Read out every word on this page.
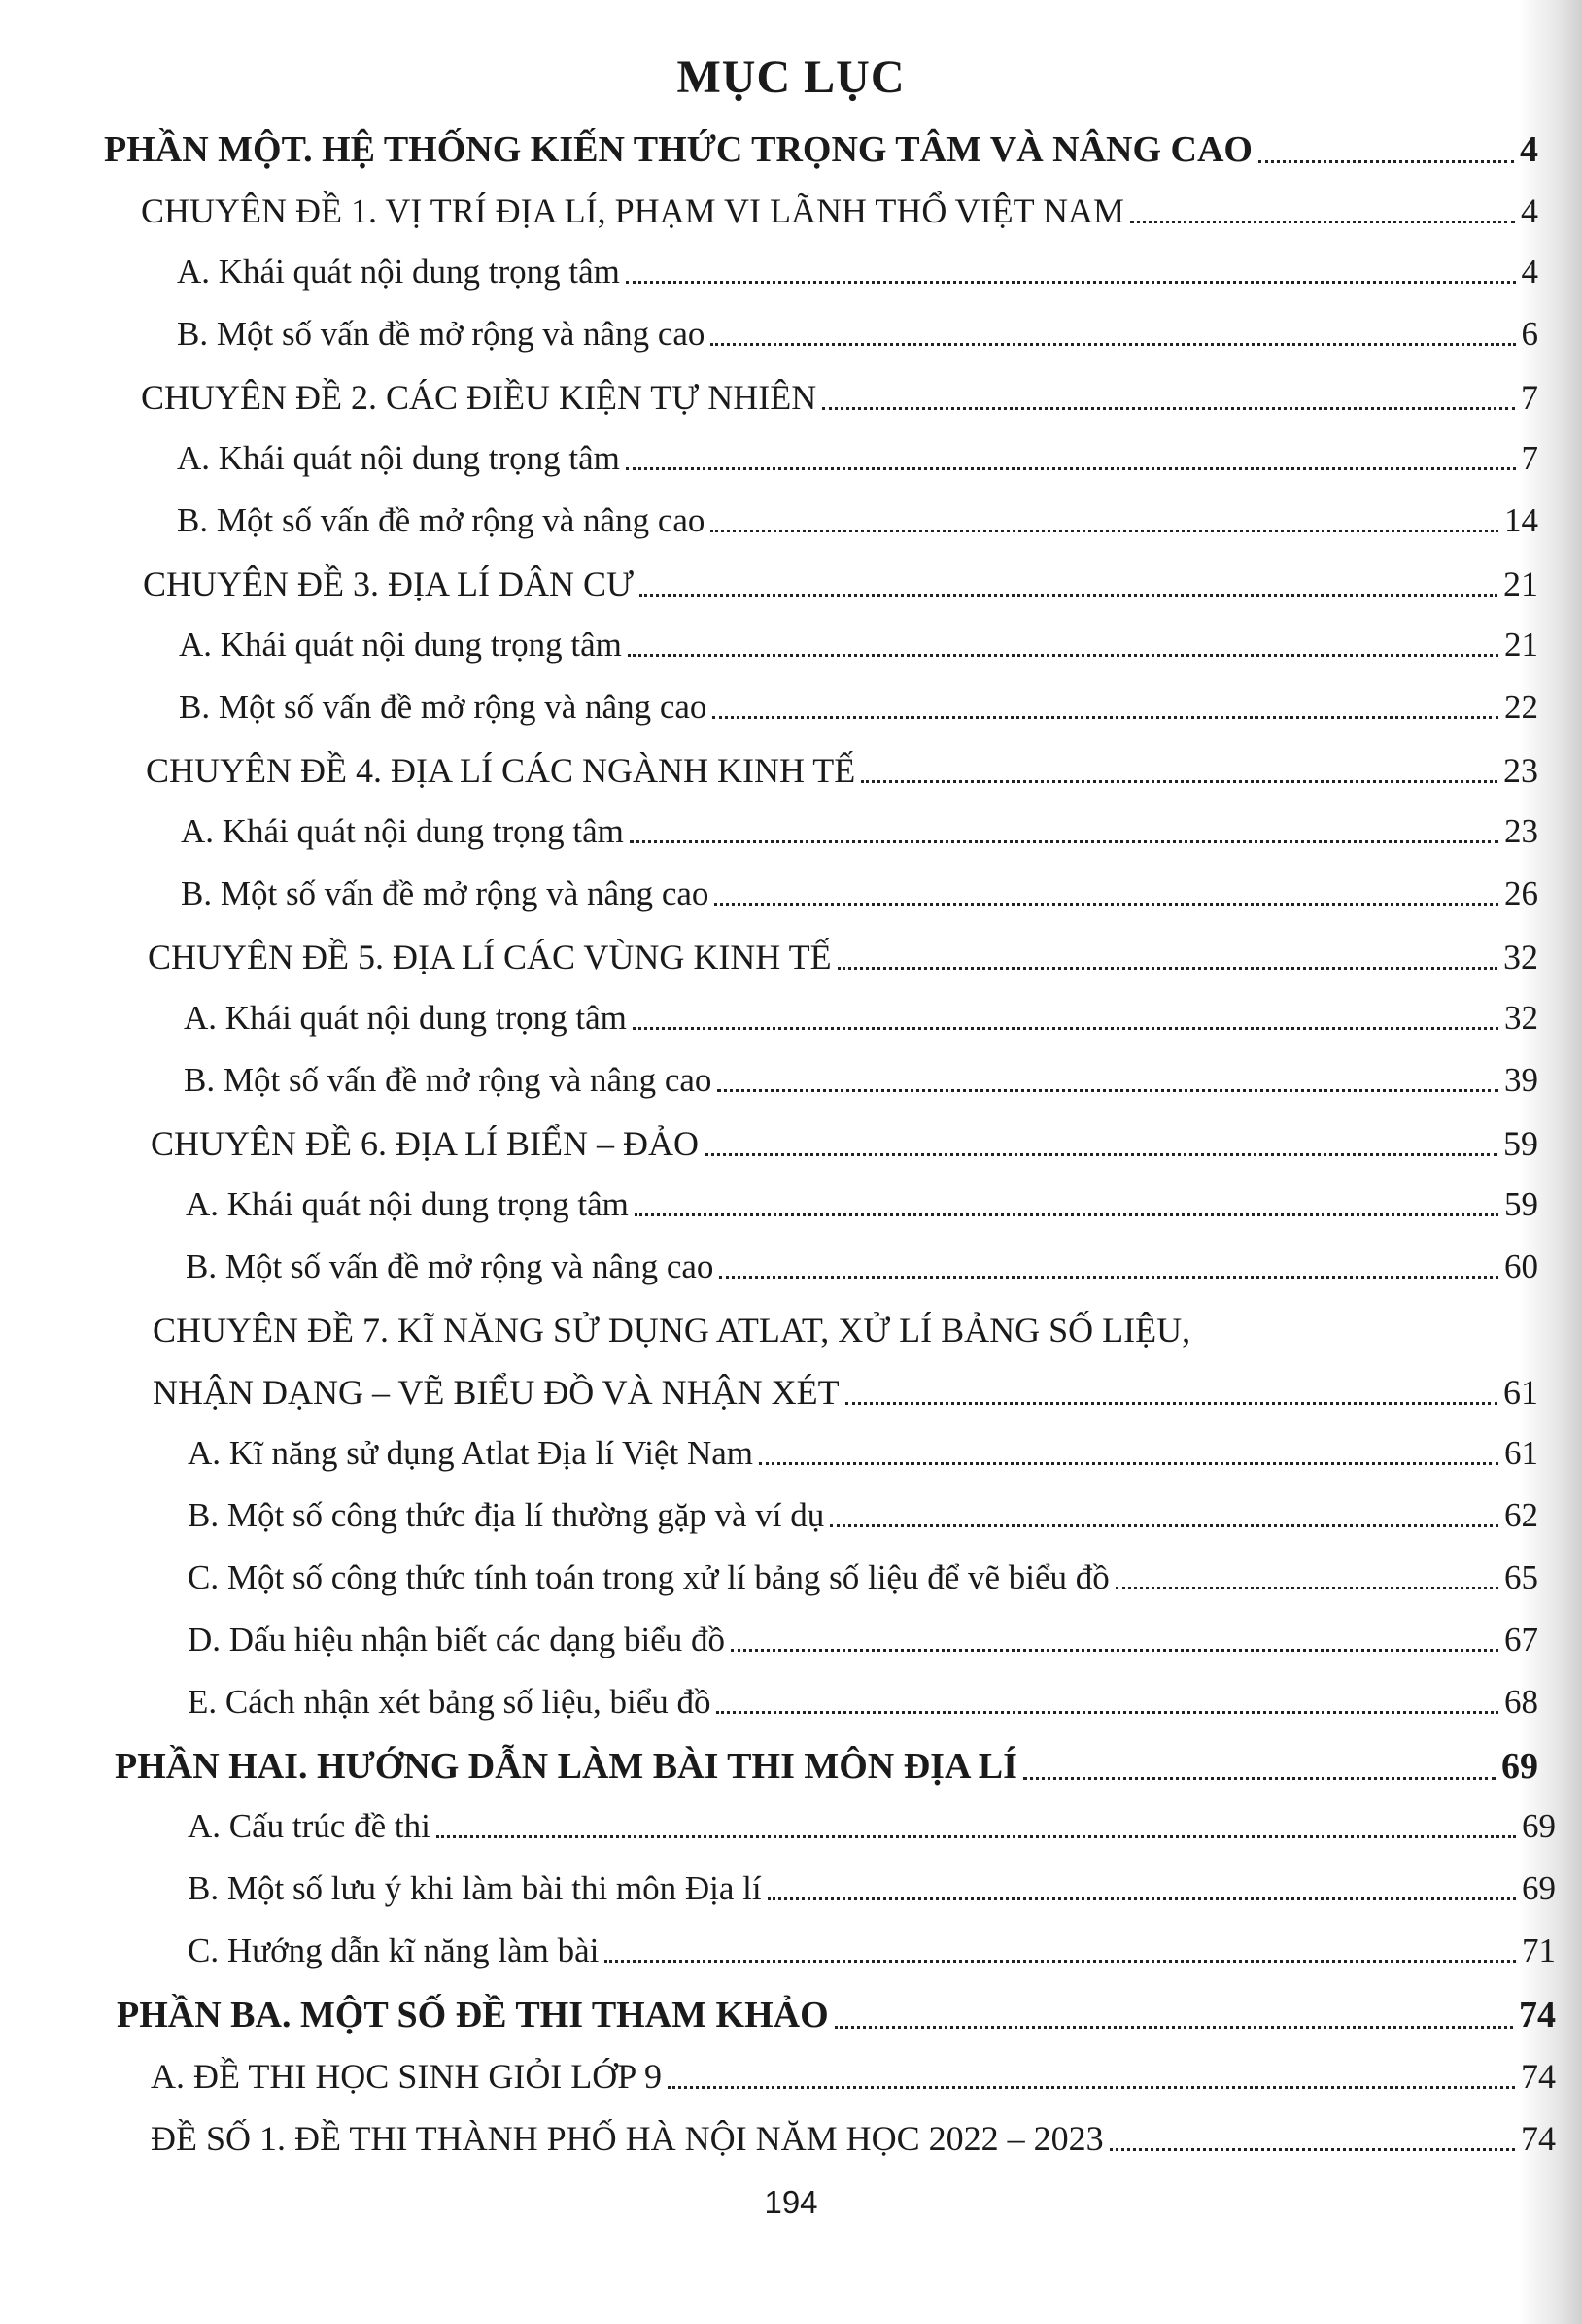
MỤC LỤC
PHẦN MỘT. HỆ THỐNG KIẾN THỨC TRỌNG TÂM VÀ NÂNG CAO	4
CHUYÊN ĐỀ 1. VỊ TRÍ ĐỊA LÍ, PHẠM VI LÃNH THỔ VIỆT NAM	4
A. Khái quát nội dung trọng tâm	4
B. Một số vấn đề mở rộng và nâng cao	6
CHUYÊN ĐỀ 2. CÁC ĐIỀU KIỆN TỰ NHIÊN	7
A. Khái quát nội dung trọng tâm	7
B. Một số vấn đề mở rộng và nâng cao	14
CHUYÊN ĐỀ 3. ĐỊA LÍ DÂN CƯ	21
A. Khái quát nội dung trọng tâm	21
B. Một số vấn đề mở rộng và nâng cao	22
CHUYÊN ĐỀ 4. ĐỊA LÍ CÁC NGÀNH KINH TẾ	23
A. Khái quát nội dung trọng tâm	23
B. Một số vấn đề mở rộng và nâng cao	26
CHUYÊN ĐỀ 5. ĐỊA LÍ CÁC VÙNG KINH TẾ	32
A. Khái quát nội dung trọng tâm	32
B. Một số vấn đề mở rộng và nâng cao	39
CHUYÊN ĐỀ 6. ĐỊA LÍ BIỂN – ĐẢO	59
A. Khái quát nội dung trọng tâm	59
B. Một số vấn đề mở rộng và nâng cao	60
CHUYÊN ĐỀ 7. KĨ NĂNG SỬ DỤNG ATLAT, XỬ LÍ BẢNG SỐ LIỆU,
NHẬN DẠNG – VẼ BIỂU ĐỒ VÀ NHẬN XÉT	61
A. Kĩ năng sử dụng Atlat Địa lí Việt Nam	61
B. Một số công thức địa lí thường gặp và ví dụ	62
C. Một số công thức tính toán trong xử lí bảng số liệu để vẽ biểu đồ	65
D. Dấu hiệu nhận biết các dạng biểu đồ	67
E. Cách nhận xét bảng số liệu, biểu đồ	68
PHẦN HAI. HƯỚNG DẪN LÀM BÀI THI MÔN ĐỊA LÍ	69
A. Cấu trúc đề thi	69
B. Một số lưu ý khi làm bài thi môn Địa lí	69
C. Hướng dẫn kĩ năng làm bài	71
PHẦN BA. MỘT SỐ ĐỀ THI THAM KHẢO	74
A. ĐỀ THI HỌC SINH GIỎI LỚP 9	74
ĐỀ SỐ 1. ĐỀ THI THÀNH PHỐ HÀ NỘI NĂM HỌC 2022 – 2023	74
194
